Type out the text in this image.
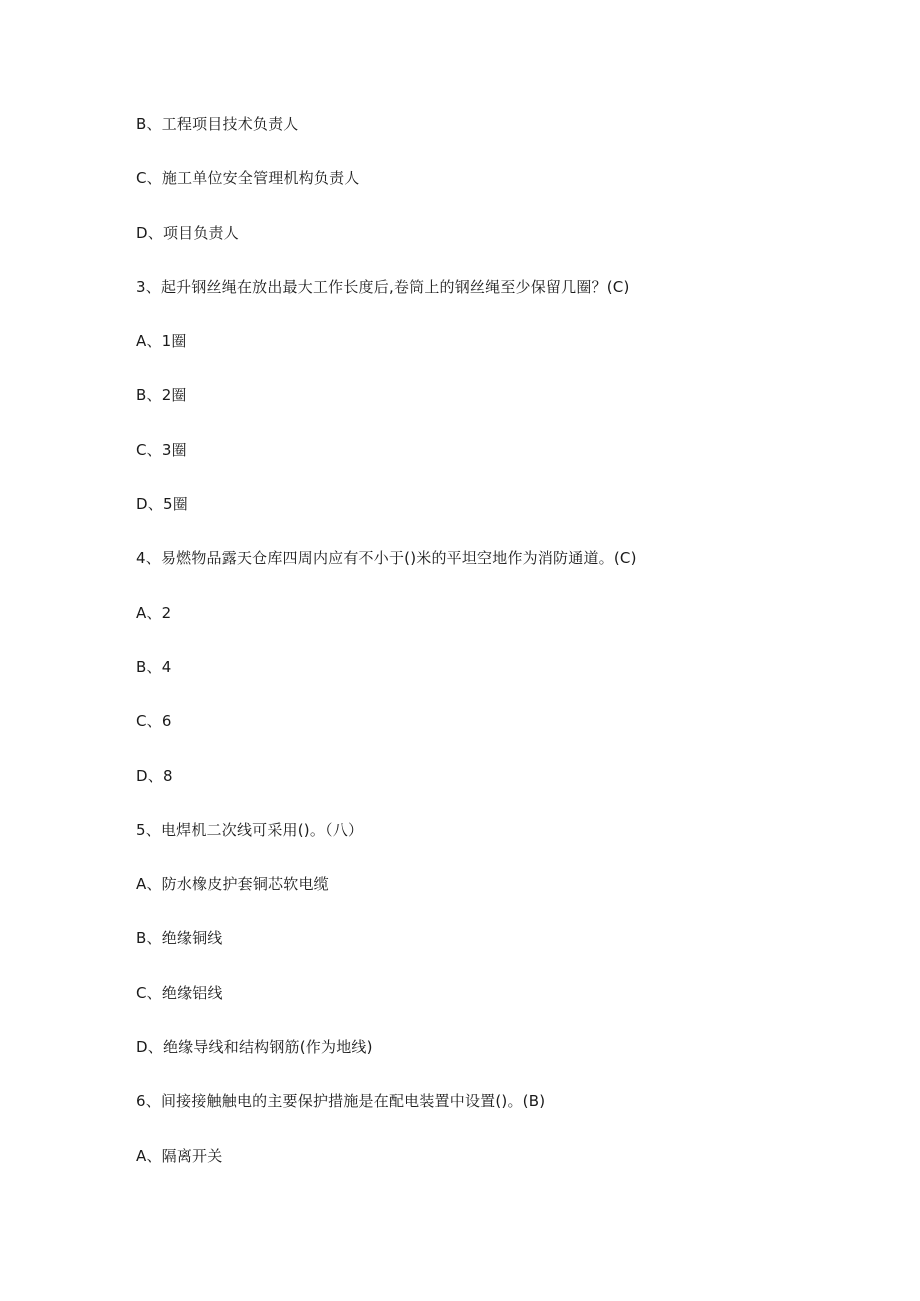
B、工程项目技术负责人
C、施工单位安全管理机构负责人
D、项目负责人
3、起升钢丝绳在放出最大工作长度后,卷筒上的钢丝绳至少保留几圈？(C)
A、1圈
B、2圈
C、3圈
D、5圈
4、易燃物品露天仓库四周内应有不小于()米的平坦空地作为消防通道。(C)
A、2
B、4
C、6
D、8
5、电焊机二次线可采用()。（八）
A、防水橡皮护套铜芯软电缆
B、绝缘铜线
C、绝缘铝线
D、绝缘导线和结构钢筋(作为地线)
6、间接接触触电的主要保护措施是在配电装置中设置()。(B)
A、隔离开关
